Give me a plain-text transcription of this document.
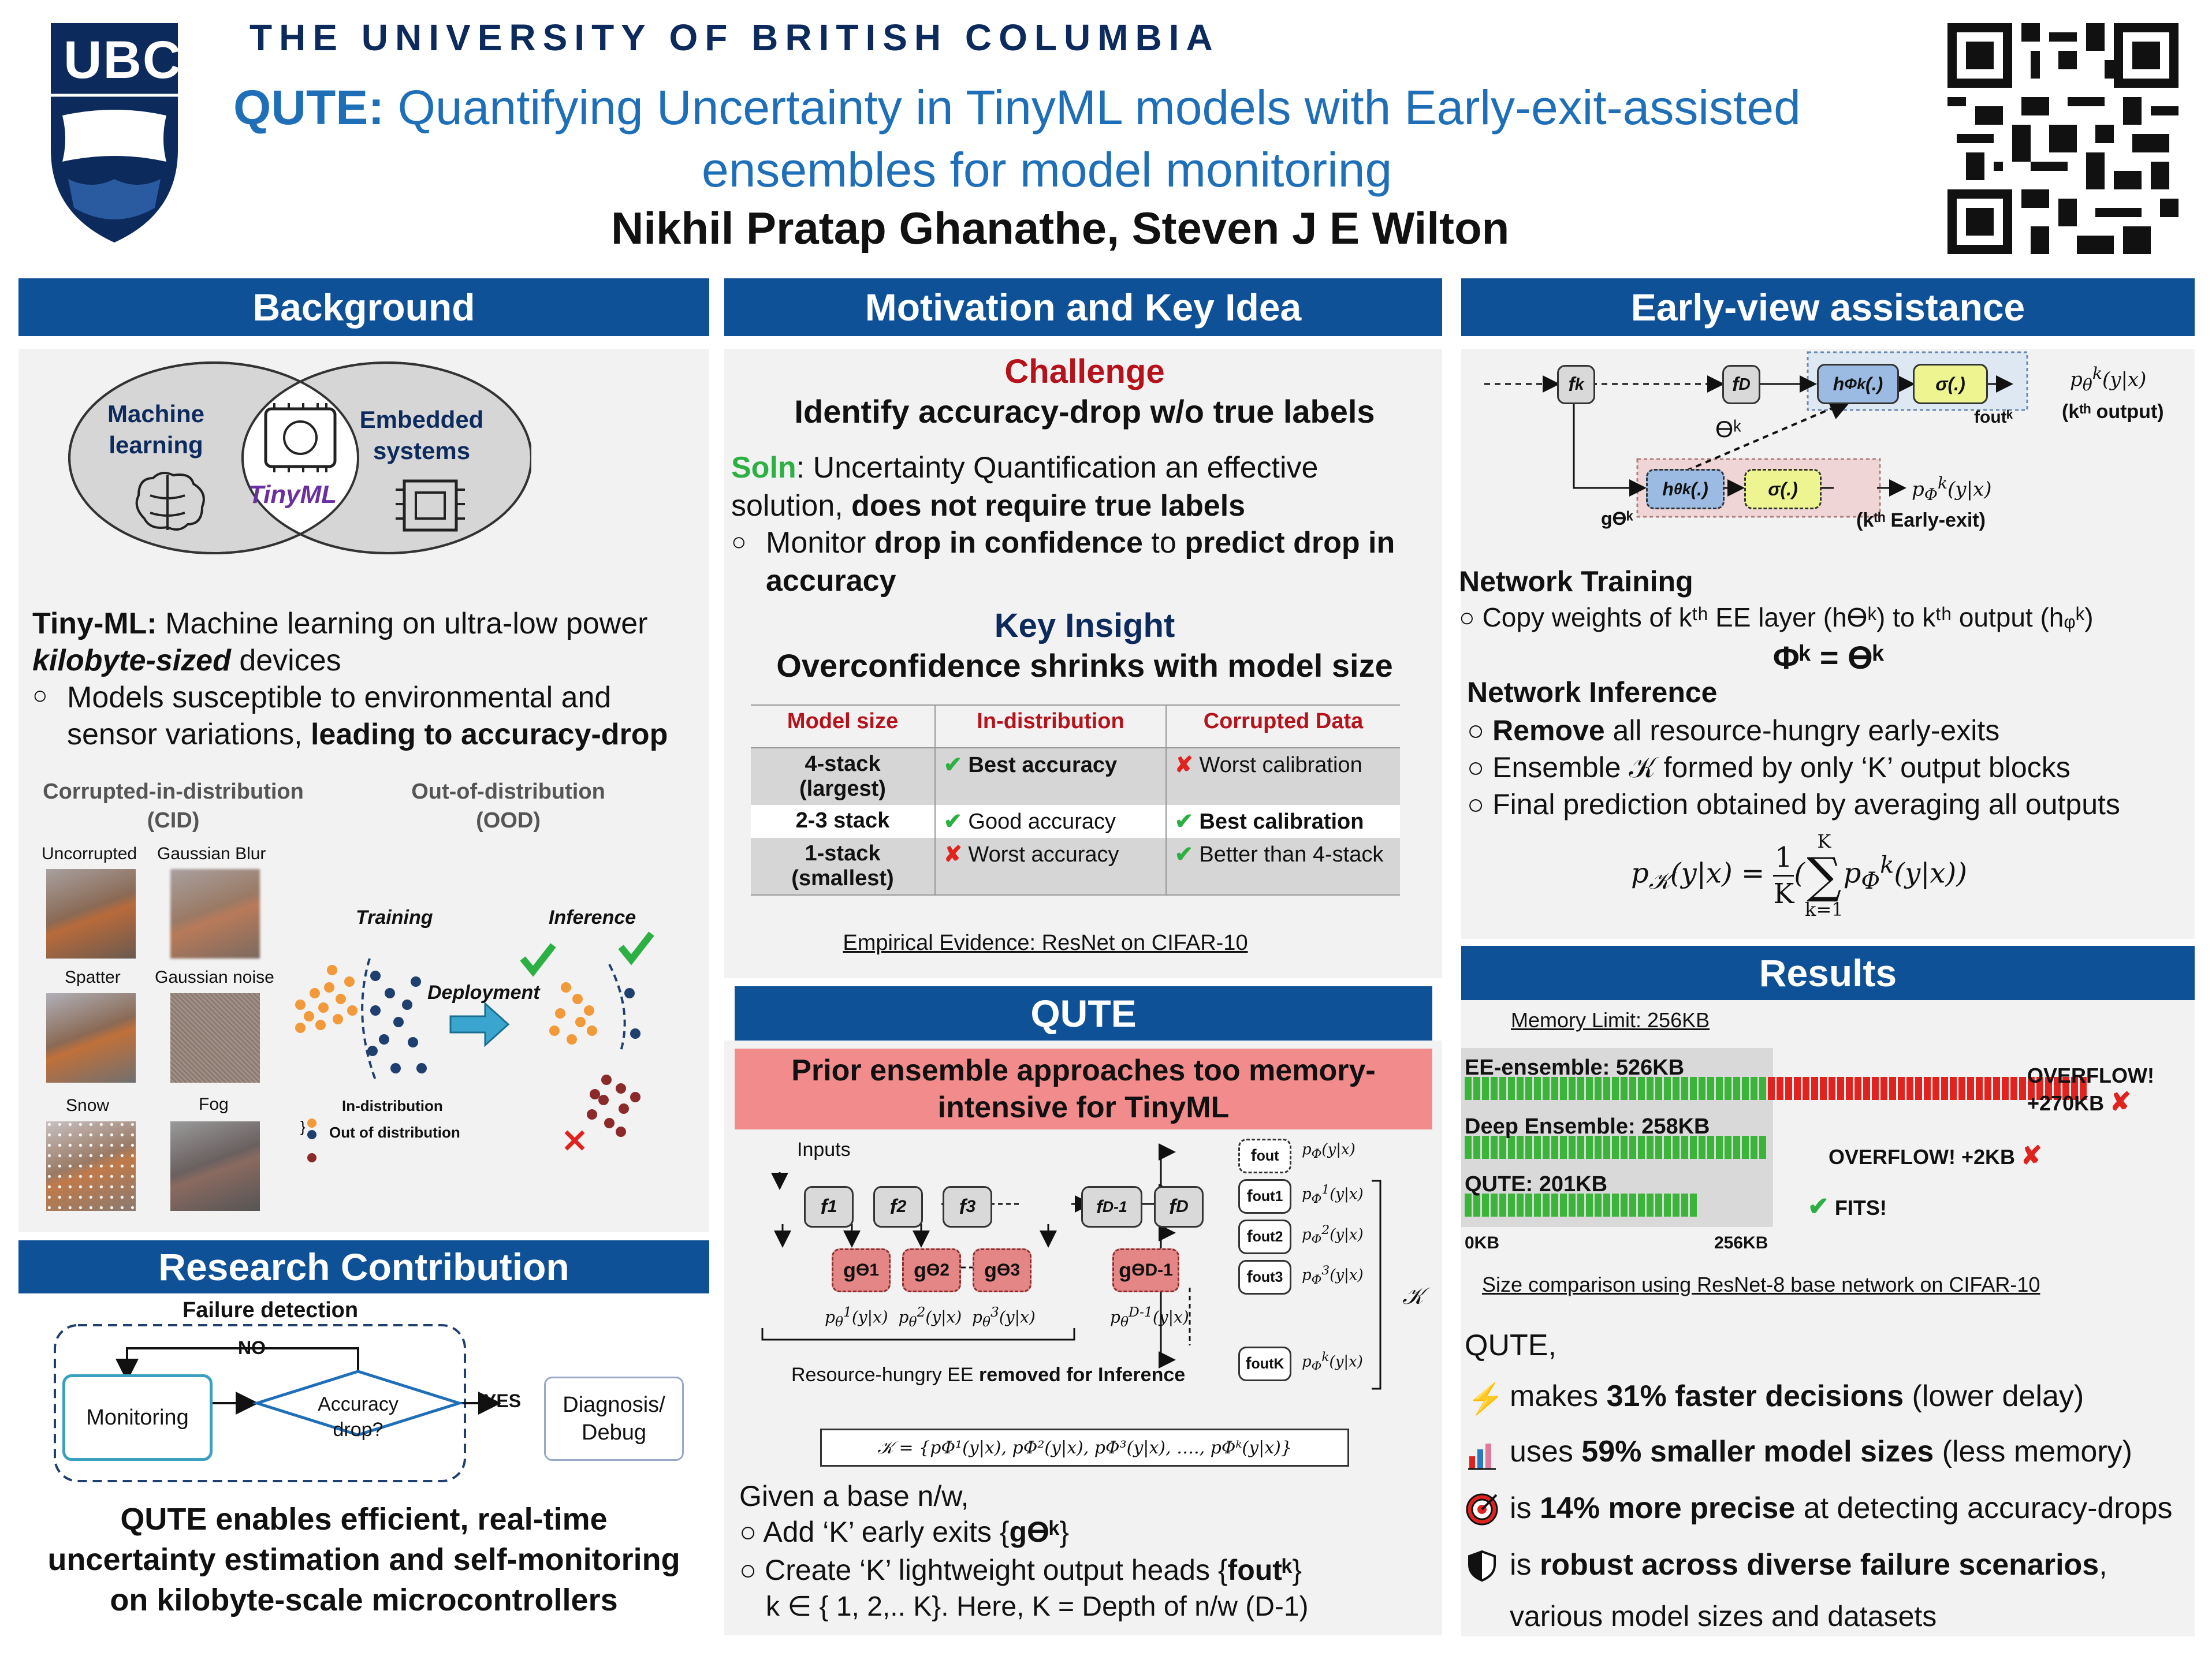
UBC THE UNIVERSITY OF BRITISH COLUMBIA
QUTE: Quantifying Uncertainty in TinyML models with Early-exit-assisted
ensembles for model monitoring
Nikhil Pratap Ghanathe, Steven J E Wilton
Background
Machine learning
TinyML
Embedded systems
Tiny-ML: Machine learning on ultra-low power
kilobyte-sized devices
○ Models susceptible to environmental and
sensor variations, leading to accuracy-drop
Corrupted-in-distribution (CID)
Out-of-distribution (OOD)
Uncorrupted Gaussian Blur
Spatter Gaussian noise
Snow	Fog
}
Training	Inference
Deployment
In-distribution
Out of distribution
Research Contribution
Failure detection
Monitoring
Accuracy drop?
NO
YES	Diagnosis/ Debug
QUTE enables efficient, real-time
uncertainty estimation and self-monitoring
on kilobyte-scale microcontrollers
Motivation and Key Idea
Challenge
Identify accuracy-drop w/o true labels
Soln: Uncertainty Quantification an effective
solution, does not require true labels
○ Monitor drop in confidence to predict drop in
accuracy
Key Insight
Overconfidence shrinks with model size
Model size	In-distribution	Corrupted Data
4-stack (largest)	✔ Best accuracy	✘ Worst calibration
2-3 stack	✔ Good accuracy	✔ Best calibration
1-stack (smallest)	✘ Worst accuracy	✔ Better than 4-stack
Empirical Evidence: ResNet on CIFAR-10
QUTE
Prior ensemble approaches too memory-intensive for TinyML
Inputs
f 1	f 2	f 3	f D-1	f D
g ϴ 1	g ϴ 2	g ϴ 3	g ϴ D-1
$p_\theta^1(y|x)$  $p_\theta^2(y|x)$  $p_\theta^3(y|x)$	$p_\theta^{D-1}(y|x)$
f out
f out 1
f out 2
f out 3
f out K
$p_\Phi(y|x)$
$p_\Phi^1(y|x)$
$p_\Phi^2(y|x)$
$p_\Phi^3(y|x)$
$p_\Phi^k(y|x)$
𝒦
Resource-hungry EE removed for Inference
𝒦 = {pΦ¹(y|x), pΦ²(y|x), pΦ³(y|x), …., pΦᵏ(y|x)}
Given a base n/w,
○ Add ‘K’ early exits {gϴᵏ}
○ Create ‘K’ lightweight output heads {foutᵏ}
k ∈ { 1, 2,.. K}. Here, K = Depth of n/w (D-1)
Early-view assistance
f k	f D	h Φ k (.)	σ(.)
h θ k (.)	σ(.)
$p_\theta^k(y|x)$
$p_\Phi^k(y|x)$
ϴᵏ
gϴᵏ
foutᵏ (kᵗʰ output)
(kᵗʰ Early-exit)
Network Training
○ Copy weights of kᵗʰ EE layer (hϴᵏ) to kᵗʰ output (hᵩᵏ)
Φᵏ = ϴᵏ
Network Inference
○ Remove all resource-hungry early-exits
○ Ensemble 𝒦 formed by only ‘K’ output blocks
○ Final prediction obtained by averaging all outputs
$p_𝒦(y|x) = \frac{1}{K}$ (
K
∑
k=1
$p_\Phi^k(y|x)$)
Results
Memory Limit: 256KB
EE-ensemble: 526KB
Deep Ensemble: 258KB
QUTE: 201KB
OVERFLOW! +270KB ✘
OVERFLOW! +2KB ✘
✔ FITS!
0KB	256KB
Size comparison using ResNet-8 base network on CIFAR-10
QUTE,
⚡ makes 31% faster decisions (lower delay)
uses 59% smaller model sizes (less memory)
is 14% more precise at detecting accuracy-drops
is robust across diverse failure scenarios,
various model sizes and datasets
